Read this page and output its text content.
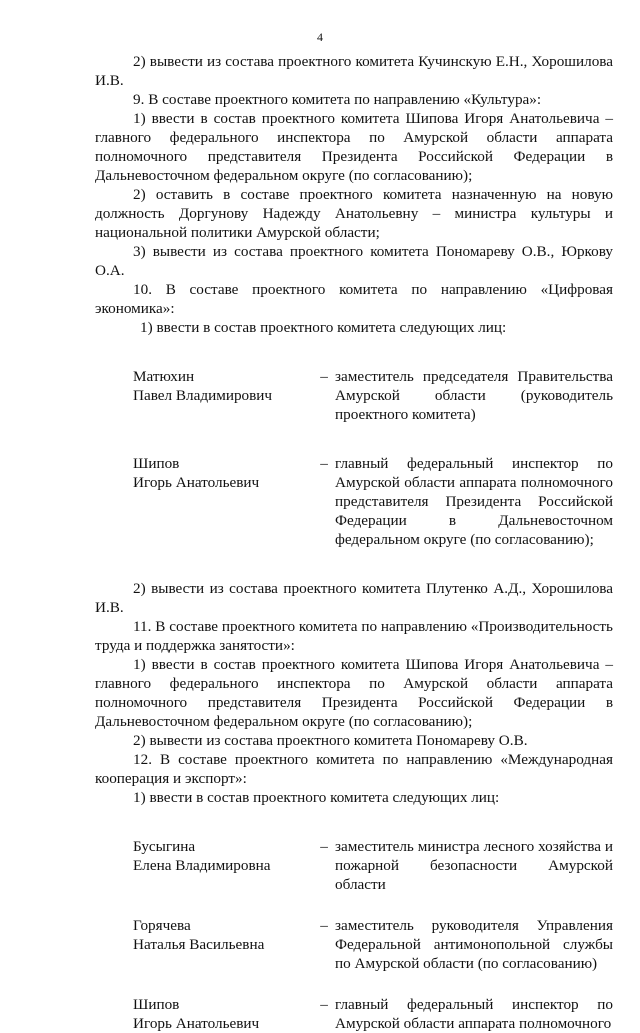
4

2) вывести из состава проектного комитета Кучинскую Е.Н., Хорошилова И.В.

9. В составе проектного комитета по направлению «Культура»:

1) ввести в состав проектного комитета Шипова Игоря Анатольевича – главного федерального инспектора по Амурской области аппарата полномочного представителя Президента Российской Федерации в Дальневосточном федеральном округе (по согласованию);

2) оставить в составе проектного комитета назначенную на новую должность Доргунову Надежду Анатольевну – министра культуры и национальной политики Амурской области;

3) вывести из состава проектного комитета Пономареву О.В., Юркову О.А.

10. В составе проектного комитета по направлению «Цифровая экономика»:

1) ввести в состав проектного комитета следующих лиц:

Матюхин
Павел Владимирович
– заместитель председателя Правительства Амурской области (руководитель проектного комитета)
Шипов
Игорь Анатольевич
– главный федеральный инспектор по Амурской области аппарата полномочного представителя Президента Российской Федерации в Дальневосточном федеральном округе (по согласованию);

2) вывести из состава проектного комитета Плутенко А.Д., Хорошилова И.В.

11. В составе проектного комитета по направлению «Производительность труда и поддержка занятости»:

1) ввести в состав проектного комитета Шипова Игоря Анатольевича – главного федерального инспектора по Амурской области аппарата полномочного представителя Президента Российской Федерации в Дальневосточном федеральном округе (по согласованию);

2) вывести из состава проектного комитета Пономареву О.В.

12. В составе проектного комитета по направлению «Международная кооперация и экспорт»:

1) ввести в состав проектного комитета следующих лиц:

Бусыгина
Елена Владимировна
– заместитель министра лесного хозяйства и пожарной безопасности Амурской области
Горячева
Наталья Васильевна
– заместитель руководителя Управления Федеральной антимонопольной службы по Амурской области (по согласованию)
Шипов
Игорь Анатольевич
– главный федеральный инспектор по Амурской области аппарата полномочного
